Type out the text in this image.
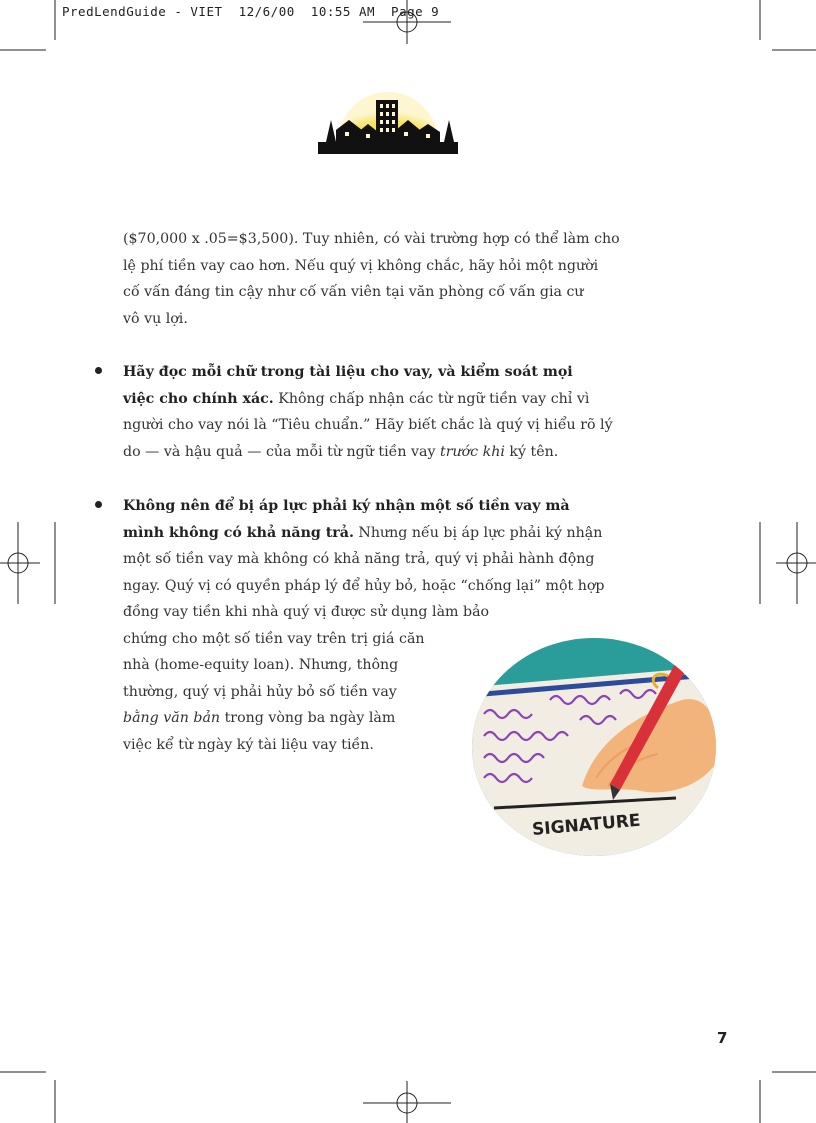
PredLendGuide - VIET  12/6/00  10:55 AM  Page 9
($70,000 x .05=$3,500). Tuy nhiên, có vài trường hợp có thể làm cho
lệ phí tiền vay cao hơn. Nếu quý vị không chắc, hãy hỏi một người
cố vấn đáng tin cậy như cố vấn viên tại văn phòng cố vấn gia cư
vô vụ lợi.
Hãy đọc mỗi chữ trong tài liệu cho vay, và kiểm soát mọi
việc cho chính xác. Không chấp nhận các từ ngữ tiền vay chỉ vì
người cho vay nói là “Tiêu chuẩn.” Hãy biết chắc là quý vị hiểu rõ lý
do — và hậu quả — của mỗi từ ngữ tiền vay trước khi ký tên.
Không nên để bị áp lực phải ký nhận một số tiền vay mà
mình không có khả năng trả. Nhưng nếu bị áp lực phải ký nhận
một số tiền vay mà không có khả năng trả, quý vị phải hành động
ngay. Quý vị có quyền pháp lý để hủy bỏ, hoặc “chống lại” một hợp
đồng vay tiền khi nhà quý vị được sử dụng làm bảo
chứng cho một số tiền vay trên trị giá căn
nhà (home-equity loan). Nhưng, thông
thường, quý vị phải hủy bỏ số tiền vay
bằng văn bản trong vòng ba ngày làm
việc kể từ ngày ký tài liệu vay tiền.
SIGNATURE
7
